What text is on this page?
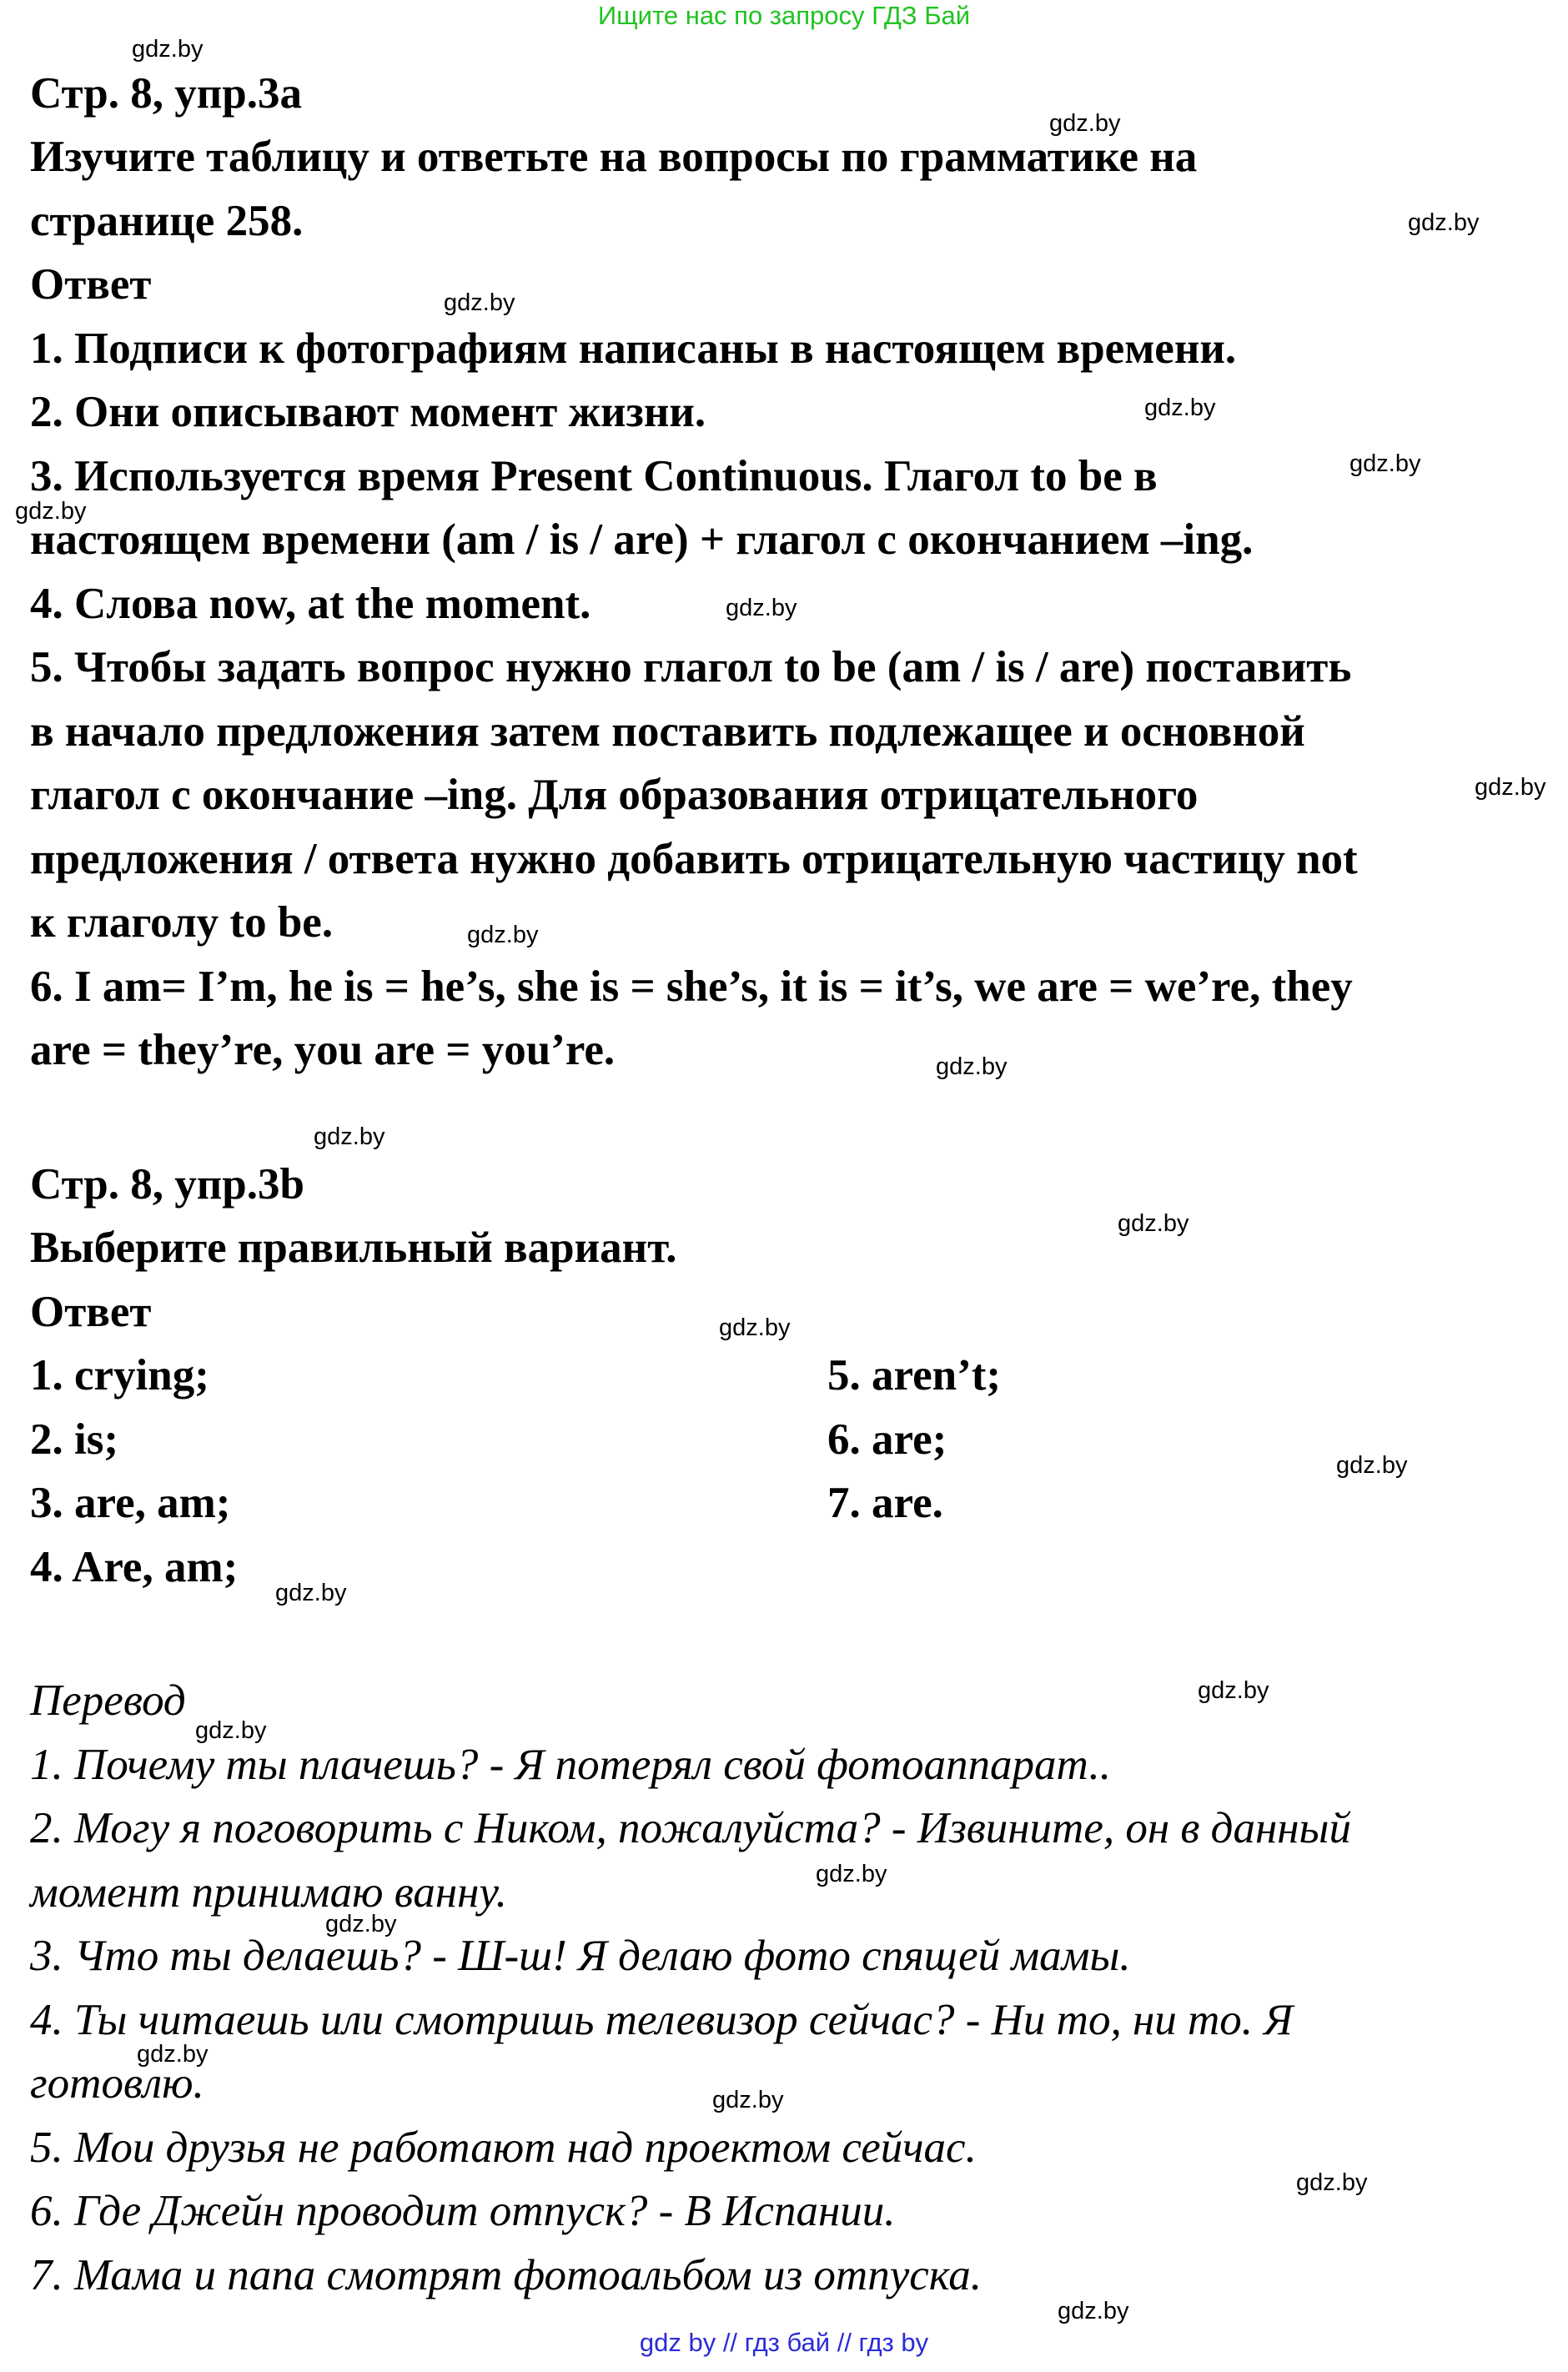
Ищите нас по запросу ГДЗ Бай
Стр. 8, упр.3а
Изучите таблицу и ответьте на вопросы по грамматике на
странице 258.
Ответ
1. Подписи к фотографиям написаны в настоящем времени.
2. Они описывают момент жизни.
3. Используется время Present Continuous. Глагол to be в
настоящем времени (am / is / are) + глагол с окончанием –ing.
4. Слова now, at the moment.
5. Чтобы задать вопрос нужно глагол to be (am / is / are) поставить
в начало предложения затем поставить подлежащее и основной
глагол с окончание –ing. Для образования отрицательного
предложения / ответа нужно добавить отрицательную частицу not
к глаголу to be.
6. I am= I’m, he is = he’s, she is = she’s, it is = it’s, we are = we’re, they
are = they’re, you are = you’re.
Стр. 8, упр.3b
Выберите правильный вариант.
Ответ
1. crying;
2. is;
3. are, am;
4. Are, am;
5. aren’t;
6. are;
7. are.
Перевод
1. Почему ты плачешь? - Я потерял свой фотоаппарат..
2. Могу я поговорить с Ником, пожалуйста? - Извините, он в данный
момент принимаю ванну.
3. Что ты делаешь? - Ш-ш! Я делаю фото спящей мамы.
4. Ты читаешь или смотришь телевизор сейчас? - Ни то, ни то. Я
готовлю.
5. Мои друзья не работают над проектом сейчас.
6. Где Джейн проводит отпуск? - В Испании.
7. Мама и папа смотрят фотоальбом из отпуска.
gdz.by
gdz.by
gdz.by
gdz.by
gdz.by
gdz.by
gdz.by
gdz.by
gdz.by
gdz.by
gdz.by
gdz.by
gdz.by
gdz.by
gdz.by
gdz.by
gdz.by
gdz.by
gdz.by
gdz.by
gdz.by
gdz.by
gdz.by
gdz.by
gdz by // гдз бай // гдз by
